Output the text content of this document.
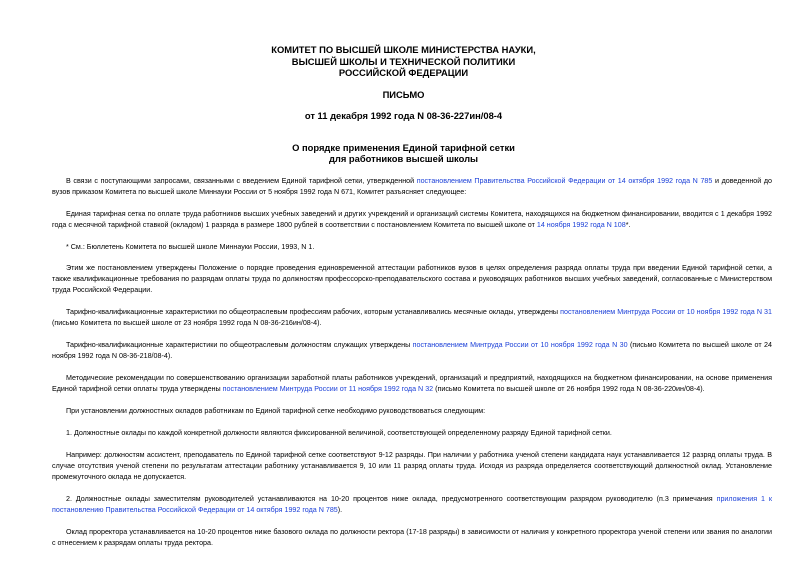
КОМИТЕТ ПО ВЫСШЕЙ ШКОЛЕ МИНИСТЕРСТВА НАУКИ,
ВЫСШЕЙ ШКОЛЫ И ТЕХНИЧЕСКОЙ ПОЛИТИКИ
РОССИЙСКОЙ ФЕДЕРАЦИИ
ПИСЬМО
от 11 декабря 1992 года N 08-36-227ин/08-4
О порядке применения Единой тарифной сетки
для работников высшей школы

В связи с поступающими запросами, связанными с введением Единой тарифной сетки, утвержденной постановлением Правительства Российской Федерации от 14 октября 1992 года N 785 и доведенной до вузов приказом Комитета по высшей школе Миннауки России от 5 ноября 1992 года N 671, Комитет разъясняет следующее:

Единая тарифная сетка по оплате труда работников высших учебных заведений и других учреждений и организаций системы Комитета, находящихся на бюджетном финансировании, вводится с 1 декабря 1992 года с месячной тарифной ставкой (окладом) 1 разряда в размере 1800 рублей в соответствии с постановлением Комитета по высшей школе от 14 ноября 1992 года N 108*.

* См.: Бюллетень Комитета по высшей школе Миннауки России, 1993, N 1.

Этим же постановлением утверждены Положение о порядке проведения единовременной аттестации работников вузов в целях определения разряда оплаты труда при введении Единой тарифной сетки, а также квалификационные требования по разрядам оплаты труда по должностям профессорско-преподавательского состава и руководящих работников высших учебных заведений, согласованные с Министерством труда Российской Федерации.

Тарифно-квалификационные характеристики по общеотраслевым профессиям рабочих, которым устанавливались месячные оклады, утверждены постановлением Минтруда России от 10 ноября 1992 года N 31 (письмо Комитета по высшей школе от 23 ноября 1992 года N 08-36-216ин/08-4).

Тарифно-квалификационные характеристики по общеотраслевым должностям служащих утверждены постановлением Минтруда России от 10 ноября 1992 года N 30 (письмо Комитета по высшей школе от 24 ноября 1992 года N 08-36-218/08-4).

Методические рекомендации по совершенствованию организации заработной платы работников учреждений, организаций и предприятий, находящихся на бюджетном финансировании, на основе применения Единой тарифной сетки оплаты труда утверждены постановлением Минтруда России от 11 ноября 1992 года N 32 (письмо Комитета по высшей школе от 26 ноября 1992 года N 08-36-220ин/08-4).

При установлении должностных окладов работникам по Единой тарифной сетке необходимо руководствоваться следующим:

1. Должностные оклады по каждой конкретной должности являются фиксированной величиной, соответствующей определенному разряду Единой тарифной сетки.

Например: должностям ассистент, преподаватель по Единой тарифной сетке соответствуют 9-12 разряды. При наличии у работника ученой степени кандидата наук устанавливается 12 разряд оплаты труда. В случае отсутствия ученой степени по результатам аттестации работнику устанавливается 9, 10 или 11 разряд оплаты труда. Исходя из разряда определяется соответствующий должностной оклад. Установление промежуточного оклада не допускается.

2. Должностные оклады заместителям руководителей устанавливаются на 10-20 процентов ниже оклада, предусмотренного соответствующим разрядом руководителю (п.3 примечания приложения 1 к постановлению Правительства Российской Федерации от 14 октября 1992 года N 785).

Оклад проректора устанавливается на 10-20 процентов ниже базового оклада по должности ректора (17-18 разряды) в зависимости от наличия у конкретного проректора ученой степени или звания по аналогии с отнесением к разрядам оплаты труда ректора.
